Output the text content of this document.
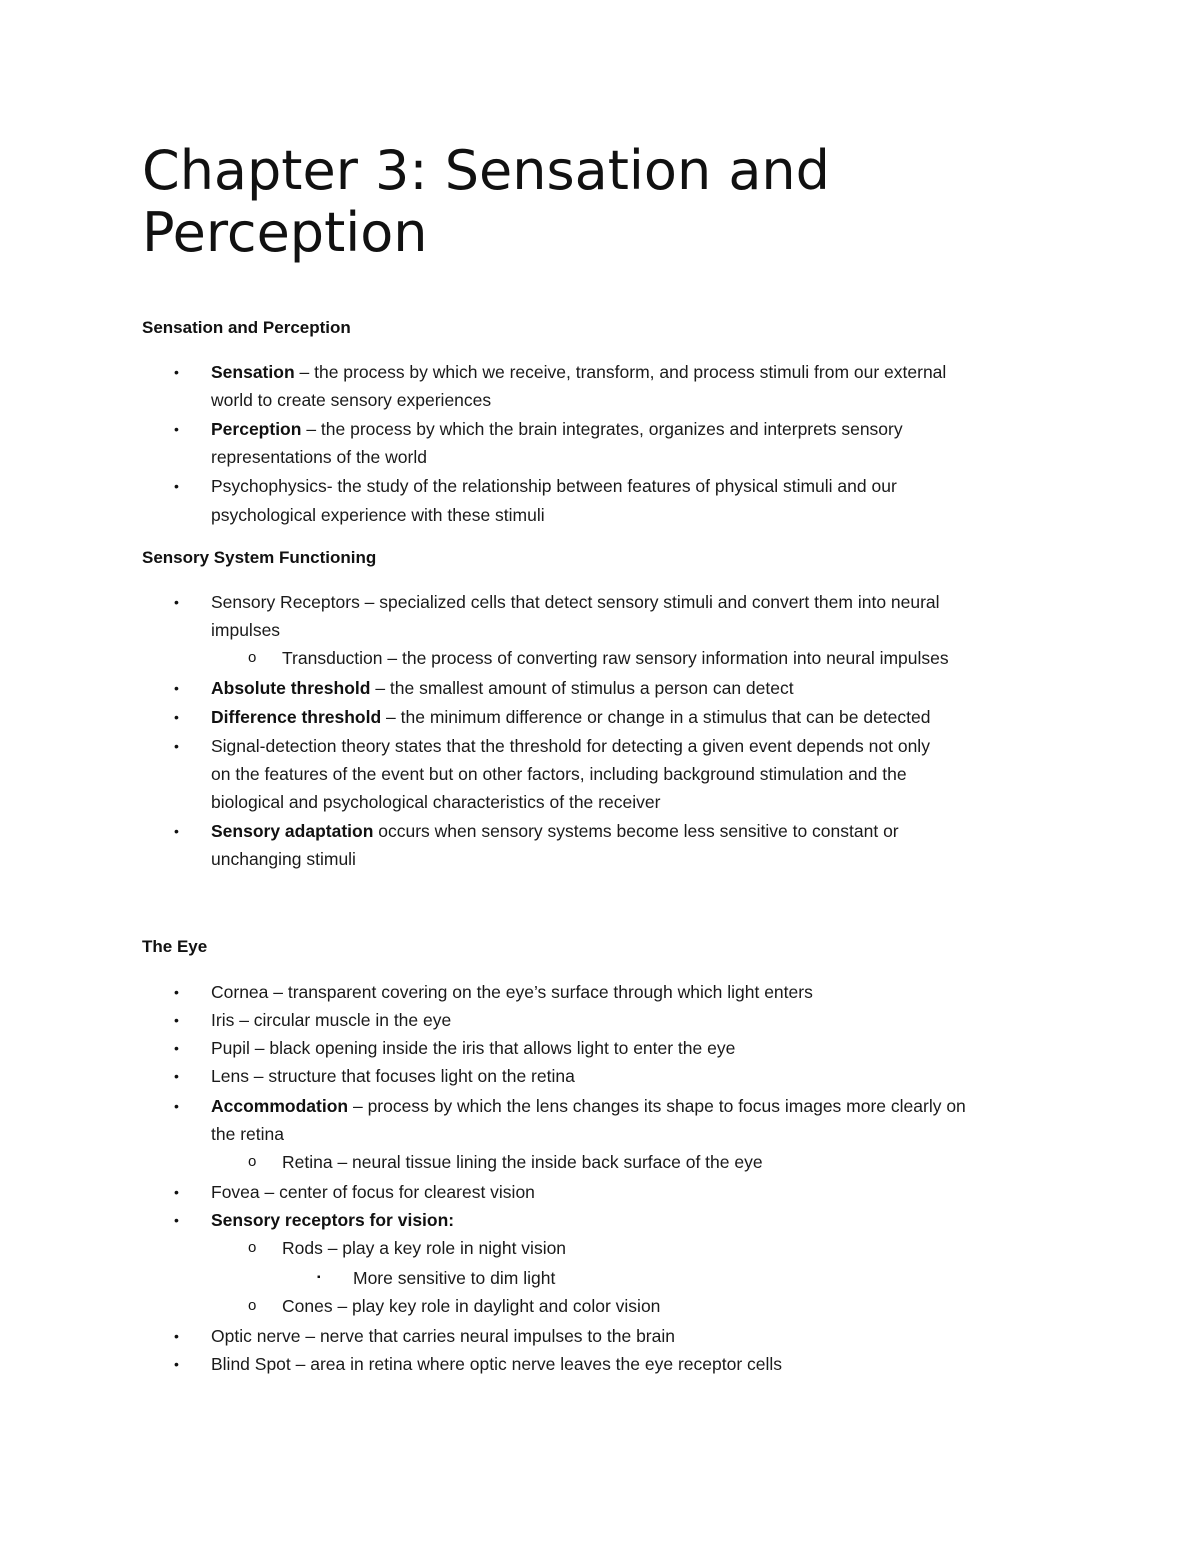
Chapter 3: Sensation and Perception
Sensation and Perception
• Sensation – the process by which we receive, transform, and process stimuli from our external

world to create sensory experiences

• Perception – the process by which the brain integrates, organizes and interprets sensory

representations of the world

• Psychophysics- the study of the relationship between features of physical stimuli and our

psychological experience with these stimuli

Sensory System Functioning
• Sensory Receptors – specialized cells that detect sensory stimuli and convert them into neural

impulses

o Transduction – the process of converting raw sensory information into neural impulses

• Absolute threshold – the smallest amount of stimulus a person can detect

• Difference threshold – the minimum difference or change in a stimulus that can be detected

• Signal-detection theory states that the threshold for detecting a given event depends not only

on the features of the event but on other factors, including background stimulation and the

biological and psychological characteristics of the receiver

• Sensory adaptation occurs when sensory systems become less sensitive to constant or

unchanging stimuli

The Eye
• Cornea – transparent covering on the eye’s surface through which light enters

• Iris – circular muscle in the eye

• Pupil – black opening inside the iris that allows light to enter the eye

• Lens – structure that focuses light on the retina

• Accommodation – process by which the lens changes its shape to focus images more clearly on

the retina

o Retina – neural tissue lining the inside back surface of the eye

• Fovea – center of focus for clearest vision

• Sensory receptors for vision:

o Rods – play a key role in night vision

▪ More sensitive to dim light

o Cones – play key role in daylight and color vision

• Optic nerve – nerve that carries neural impulses to the brain

• Blind Spot – area in retina where optic nerve leaves the eye receptor cells
